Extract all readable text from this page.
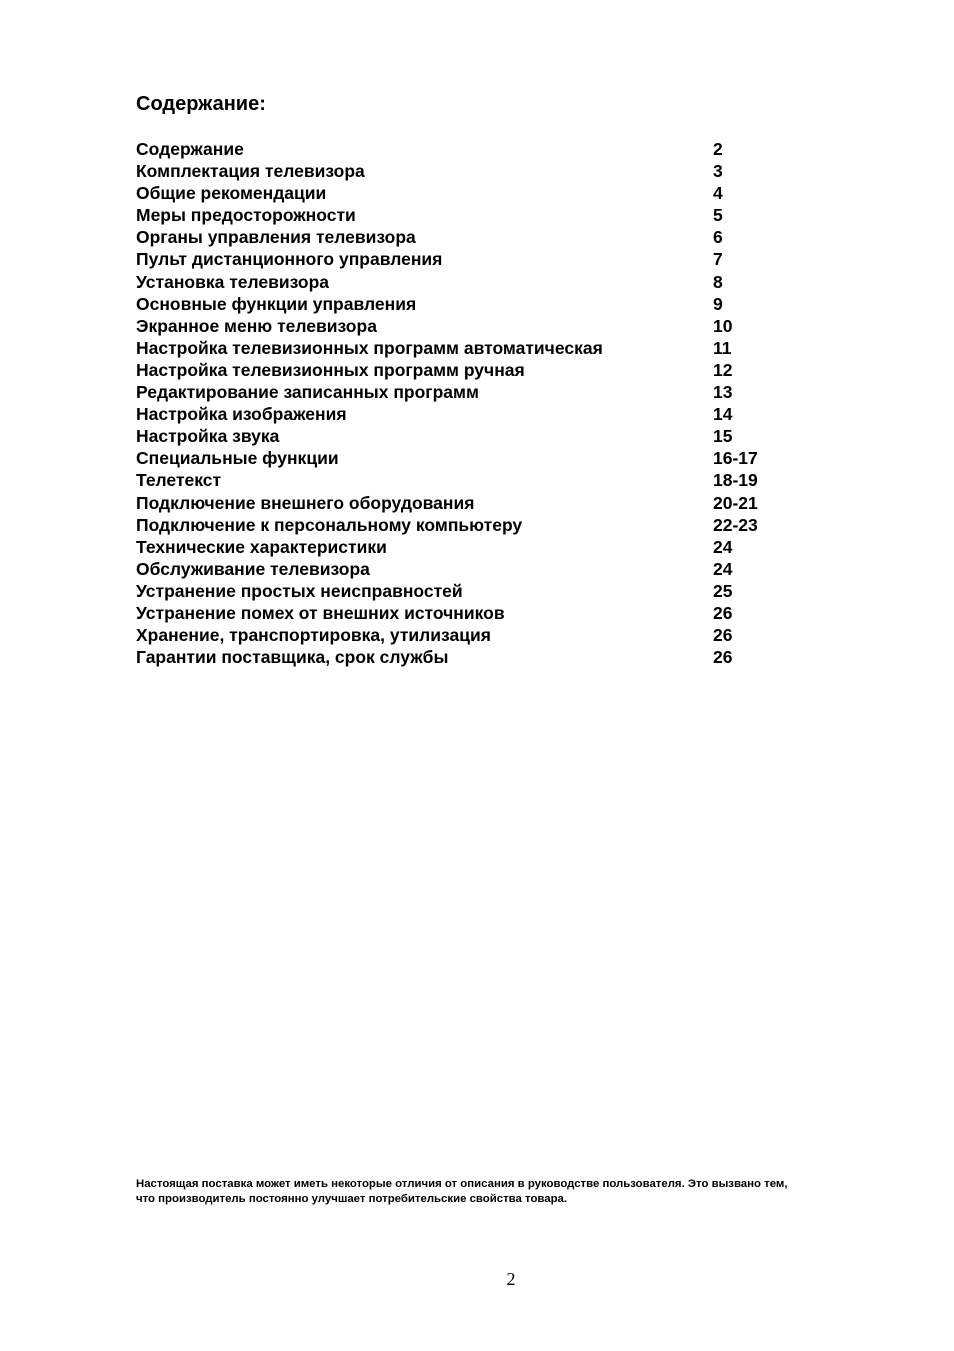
Содержание:
Содержание	2
Комплектация телевизора	3
Общие рекомендации	4
Меры предосторожности	5
Органы управления телевизора	6
Пульт дистанционного управления	7
Установка телевизора	8
Основные функции управления	9
Экранное меню телевизора	10
Настройка телевизионных программ автоматическая	11
Настройка телевизионных программ ручная	12
Редактирование записанных программ	13
Настройка изображения	14
Настройка звука	15
Специальные функции	16-17
Телетекст	18-19
Подключение внешнего оборудования	20-21
Подключение к персональному компьютеру	22-23
Технические характеристики	24
Обслуживание телевизора	24
Устранение простых неисправностей	25
Устранение помех от внешних источников	26
Хранение, транспортировка, утилизация	26
Гарантии поставщика, срок службы	26

Настоящая поставка может иметь некоторые отличия от описания в руководстве пользователя. Это вызвано тем,
что производитель постоянно улучшает потребительские свойства товара.

2
